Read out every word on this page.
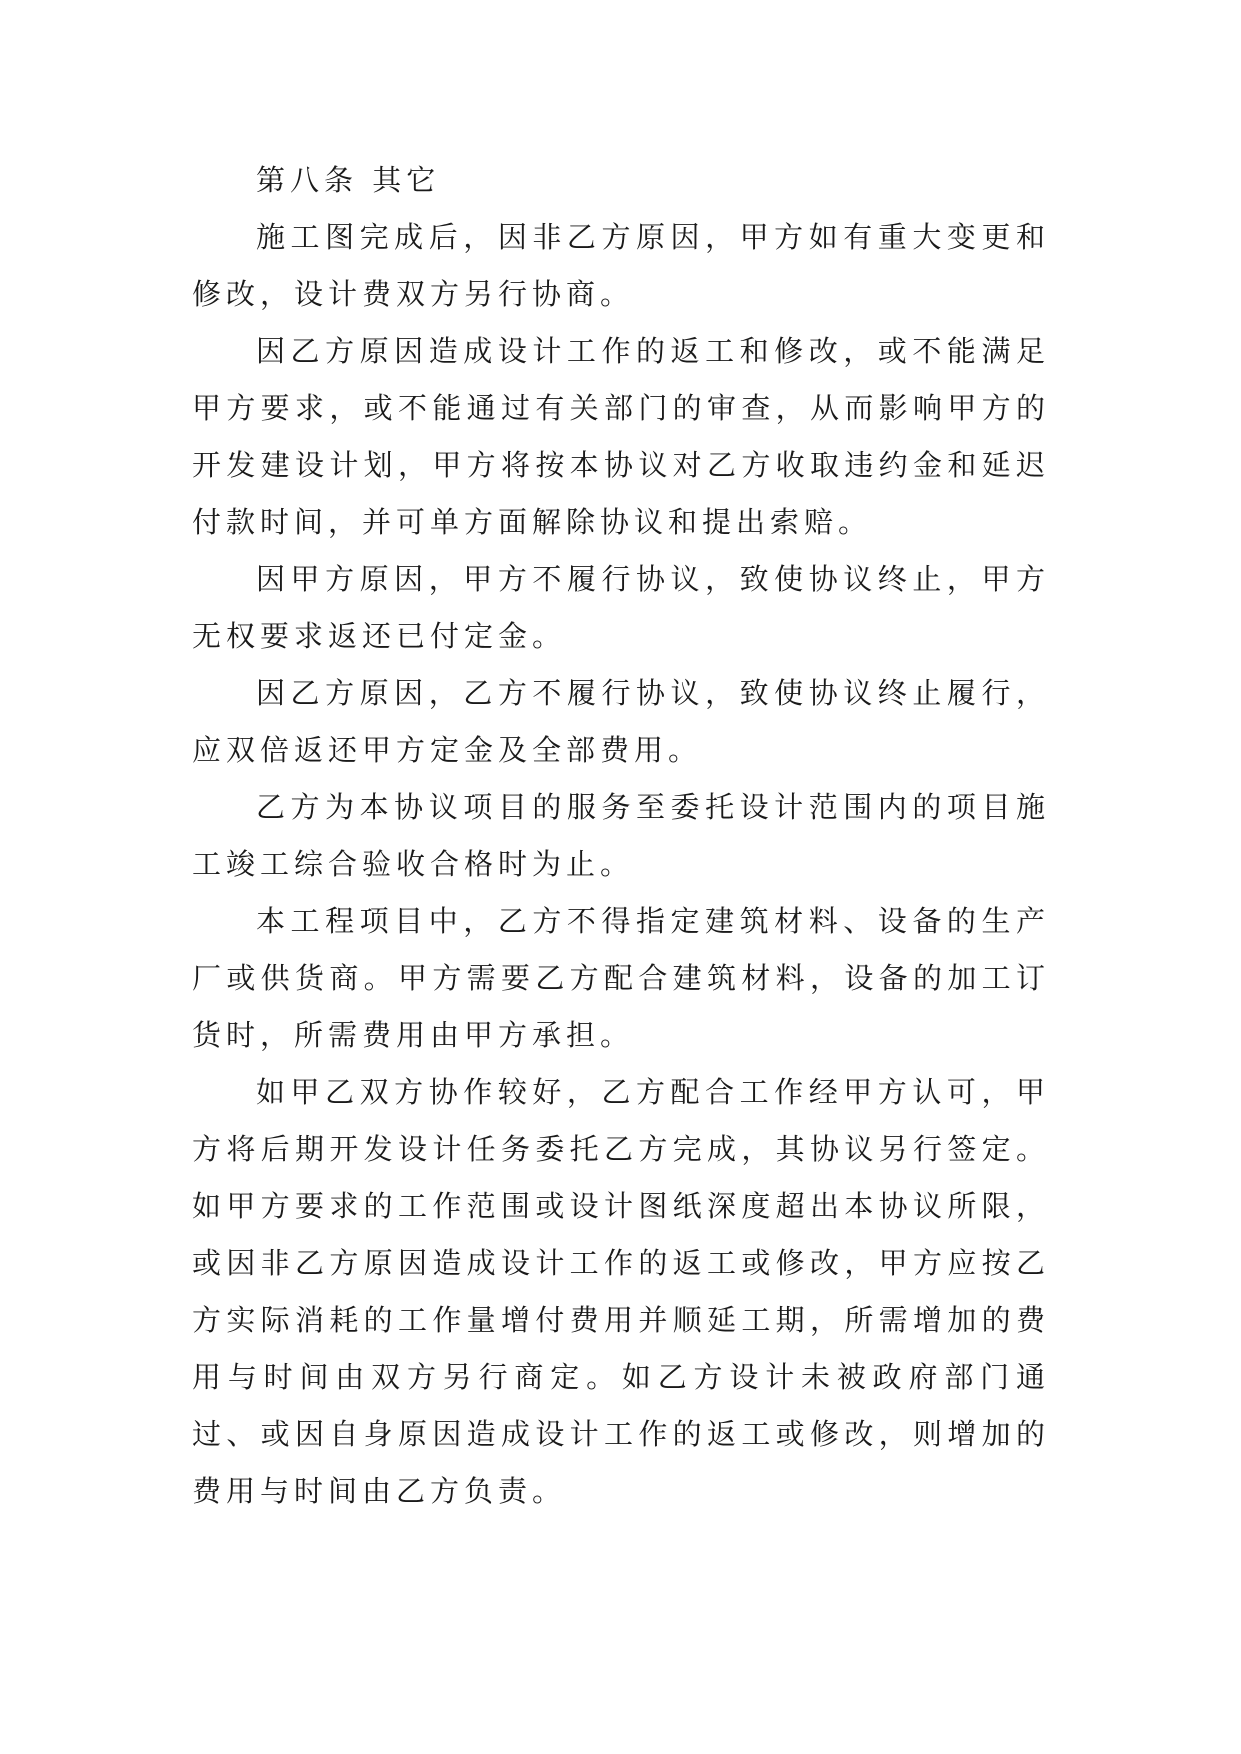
第八条 其它

施工图完成后，因非乙方原因，甲方如有重大变更和修改，设计费双方另行协商。

因乙方原因造成设计工作的返工和修改，或不能满足甲方要求，或不能通过有关部门的审查，从而影响甲方的开发建设计划，甲方将按本协议对乙方收取违约金和延迟付款时间，并可单方面解除协议和提出索赔。

因甲方原因，甲方不履行协议，致使协议终止，甲方无权要求返还已付定金。

因乙方原因，乙方不履行协议，致使协议终止履行，应双倍返还甲方定金及全部费用。

乙方为本协议项目的服务至委托设计范围内的项目施工竣工综合验收合格时为止。

本工程项目中，乙方不得指定建筑材料、设备的生产厂或供货商。甲方需要乙方配合建筑材料，设备的加工订货时，所需费用由甲方承担。

如甲乙双方协作较好，乙方配合工作经甲方认可，甲方将后期开发设计任务委托乙方完成，其协议另行签定。如甲方要求的工作范围或设计图纸深度超出本协议所限，或因非乙方原因造成设计工作的返工或修改，甲方应按乙方实际消耗的工作量增付费用并顺延工期，所需增加的费用与时间由双方另行商定。如乙方设计未被政府部门通过、或因自身原因造成设计工作的返工或修改，则增加的费用与时间由乙方负责。
